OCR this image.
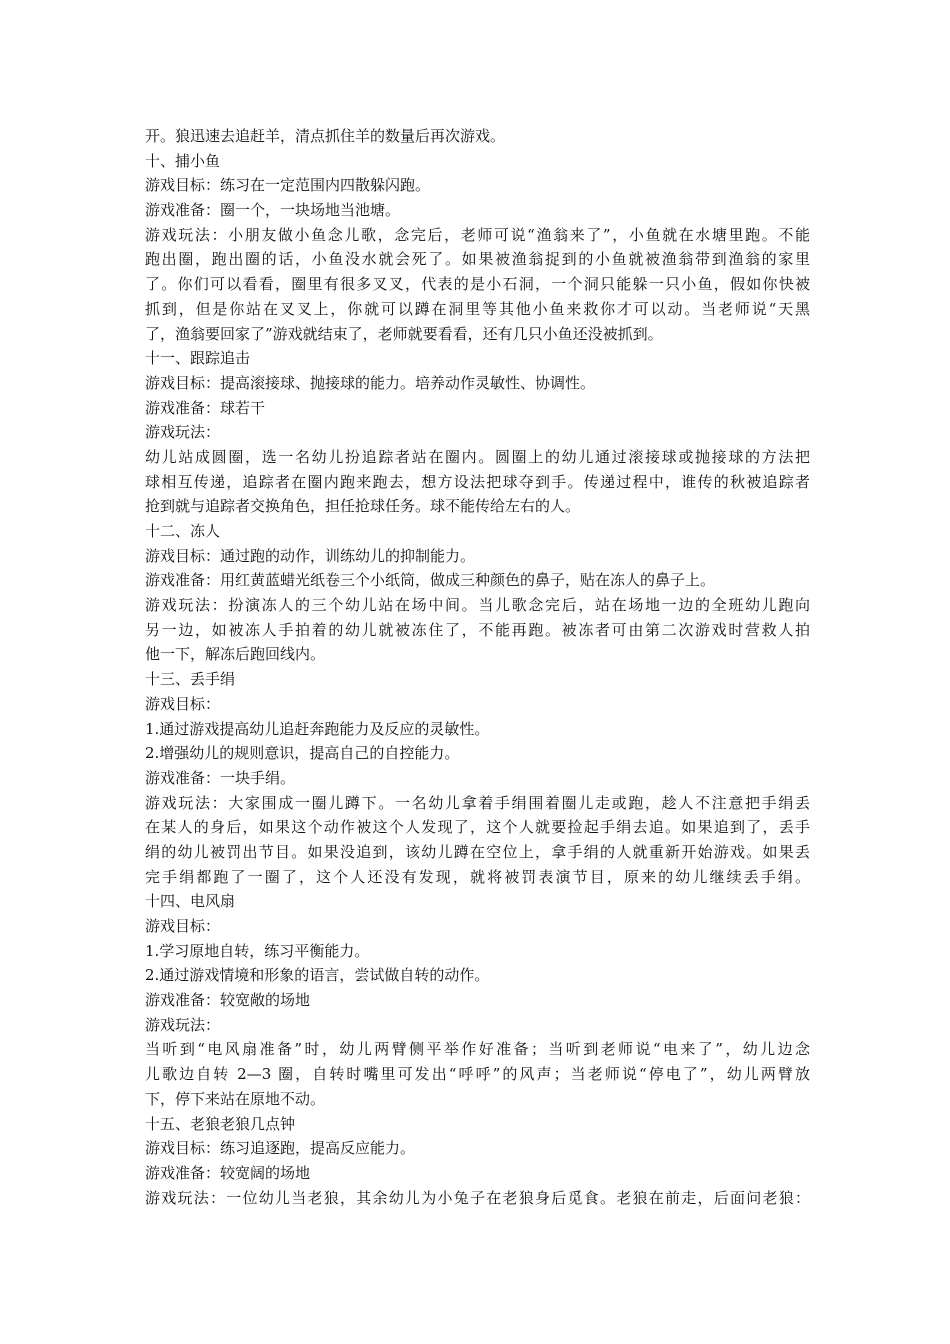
开。狼迅速去追赶羊，清点抓住羊的数量后再次游戏。
十、捕小鱼
游戏目标：练习在一定范围内四散躲闪跑。
游戏准备：圈一个，一块场地当池塘。
游戏玩法：小朋友做小鱼念儿歌，念完后，老师可说“渔翁来了”，小鱼就在水塘里跑。不能
跑出圈，跑出圈的话，小鱼没水就会死了。如果被渔翁捉到的小鱼就被渔翁带到渔翁的家里
了。你们可以看看，圈里有很多叉叉，代表的是小石洞，一个洞只能躲一只小鱼，假如你快被
抓到，但是你站在叉叉上，你就可以蹲在洞里等其他小鱼来救你才可以动。当老师说“天黑
了，渔翁要回家了”游戏就结束了，老师就要看看，还有几只小鱼还没被抓到。
十一、跟踪追击
游戏目标：提高滚接球、抛接球的能力。培养动作灵敏性、协调性。
游戏准备：球若干
游戏玩法：
幼儿站成圆圈，选一名幼儿扮追踪者站在圈内。圆圈上的幼儿通过滚接球或抛接球的方法把
球相互传递，追踪者在圈内跑来跑去，想方设法把球夺到手。传递过程中，谁传的秋被追踪者
抢到就与追踪者交换角色，担任抢球任务。球不能传给左右的人。
十二、冻人
游戏目标：通过跑的动作，训练幼儿的抑制能力。
游戏准备：用红黄蓝蜡光纸卷三个小纸筒，做成三种颜色的鼻子，贴在冻人的鼻子上。
游戏玩法：扮演冻人的三个幼儿站在场中间。当儿歌念完后，站在场地一边的全班幼儿跑向
另一边，如被冻人手拍着的幼儿就被冻住了，不能再跑。被冻者可由第二次游戏时营救人拍
他一下，解冻后跑回线内。
十三、丢手绢
游戏目标：
1.通过游戏提高幼儿追赶奔跑能力及反应的灵敏性。
2.增强幼儿的规则意识，提高自己的自控能力。
游戏准备：一块手绢。
游戏玩法：大家围成一圈儿蹲下。一名幼儿拿着手绢围着圈儿走或跑，趁人不注意把手绢丢
在某人的身后，如果这个动作被这个人发现了，这个人就要捡起手绢去追。如果追到了，丢手
绢的幼儿被罚出节目。如果没追到，该幼儿蹲在空位上，拿手绢的人就重新开始游戏。如果丢
完手绢都跑了一圈了，这个人还没有发现，就将被罚表演节目，原来的幼儿继续丢手绢。
十四、电风扇
游戏目标：
1.学习原地自转，练习平衡能力。
2.通过游戏情境和形象的语言，尝试做自转的动作。
游戏准备：较宽敞的场地
游戏玩法：
当听到“电风扇准备”时，幼儿两臂侧平举作好准备；当听到老师说“电来了”，幼儿边念
儿歌边自转 2—3 圈，自转时嘴里可发出“呼呼”的风声；当老师说“停电了”，幼儿两臂放
下，停下来站在原地不动。
十五、老狼老狼几点钟
游戏目标：练习追逐跑，提高反应能力。
游戏准备：较宽阔的场地
游戏玩法：一位幼儿当老狼，其余幼儿为小兔子在老狼身后觅食。老狼在前走，后面问老狼：
